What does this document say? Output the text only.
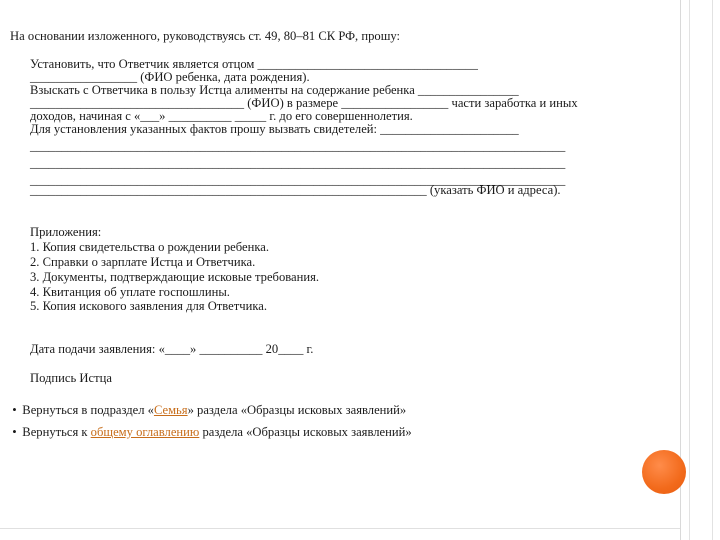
На основании изложенного, руководствуясь ст. 49, 80–81 СК РФ, прошу:
Установить, что Ответчик является отцом ___________________________________
_________________ (ФИО ребенка, дата рождения).
Взыскать с Ответчика в пользу Истца алименты на содержание ребенка ________________
__________________________________ (ФИО) в размере _________________ части заработка и иных
доходов, начиная с «___» __________ _____ г. до его совершеннолетия.
Для установления указанных фактов прошу вызвать свидетелей: ______________________
_____________________________________________________________________________________
_____________________________________________________________________________________
_____________________________________________________________________________________
_______________________________________________________________ (указать ФИО и адреса).
Приложения:
1. Копия свидетельства о рождении ребенка.
2. Справки о зарплате Истца и Ответчика.
3. Документы, подтверждающие исковые требования.
4. Квитанция об уплате госпошлины.
5. Копия искового заявления для Ответчика.
Дата подачи заявления: «____» __________ 20____ г.
Подпись Истца

• Вернуться в подраздел «Семья» раздела «Образцы исковых заявлений»

• Вернуться к общему оглавлению раздела «Образцы исковых заявлений»
